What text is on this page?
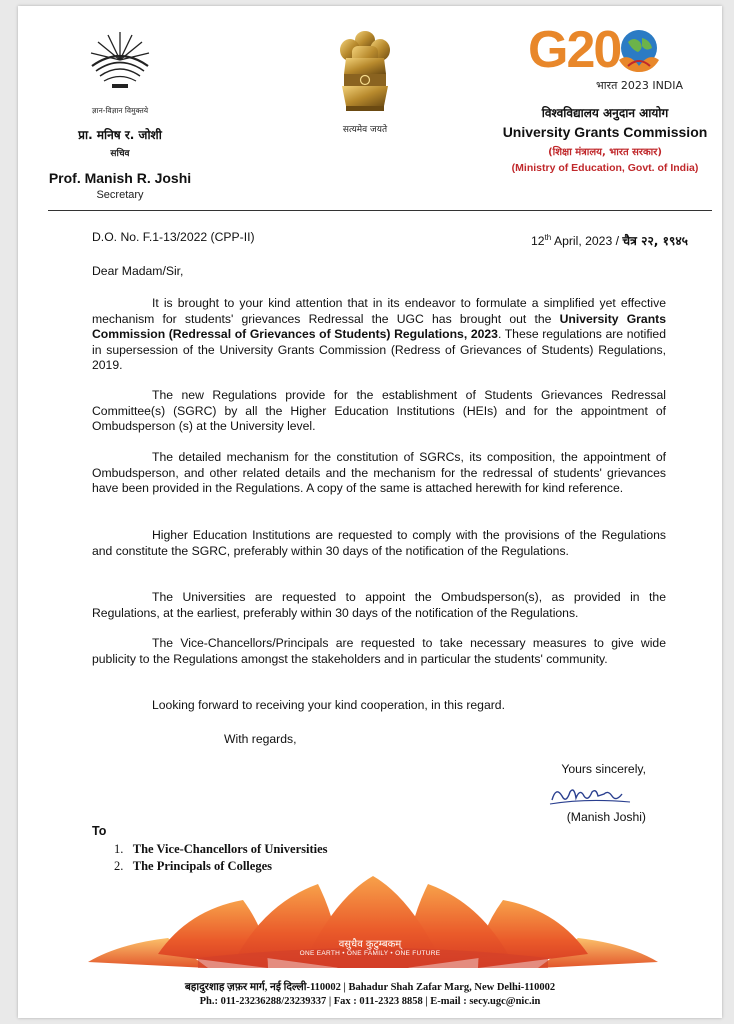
ज्ञान-विज्ञान विमुक्तये
प्रा. मनिष र. जोशी
सचिव
Prof. Manish R. Joshi
Secretary
सत्यमेव जयते
G20
भारत 2023 INDIA
विश्वविद्यालय अनुदान आयोग
University Grants Commission
(शिक्षा मंत्रालय, भारत सरकार)
(Ministry of Education, Govt. of India)
D.O. No. F.1-13/2022 (CPP-II)	12th April, 2023 / चैत्र २२, १९४५
Dear Madam/Sir,
It is brought to your kind attention that in its endeavor to formulate a simplified yet effective mechanism for students' grievances Redressal the UGC has brought out the University Grants Commission (Redressal of Grievances of Students) Regulations, 2023. These regulations are notified in supersession of the University Grants Commission (Redress of Grievances of Students) Regulations, 2019.
The new Regulations provide for the establishment of Students Grievances Redressal Committee(s) (SGRC) by all the Higher Education Institutions (HEIs) and for the appointment of Ombudsperson (s) at the University level.
The detailed mechanism for the constitution of SGRCs, its composition, the appointment of Ombudsperson, and other related details and the mechanism for the redressal of students' grievances have been provided in the Regulations. A copy of the same is attached herewith for kind reference.
Higher Education Institutions are requested to comply with the provisions of the Regulations and constitute the SGRC, preferably within 30 days of the notification of the Regulations.
The Universities are requested to appoint the Ombudsperson(s), as provided in the Regulations, at the earliest, preferably within 30 days of the notification of the Regulations.
The Vice-Chancellors/Principals are requested to take necessary measures to give wide publicity to the Regulations amongst the stakeholders and in particular the students' community.
Looking forward to receiving your kind cooperation, in this regard.
With regards,
Yours sincerely,
(Manish Joshi)
To
1.   The Vice-Chancellors of Universities
2.   The Principals of Colleges
वसुधैव कुटुम्बकम्
ONE EARTH • ONE FAMILY • ONE FUTURE
बहादुरशाह ज़फ़र मार्ग, नई दिल्ली-110002 | Bahadur Shah Zafar Marg, New Delhi-110002
Ph.: 011-23236288/23239337 | Fax : 011-2323 8858 | E-mail : secy.ugc@nic.in
